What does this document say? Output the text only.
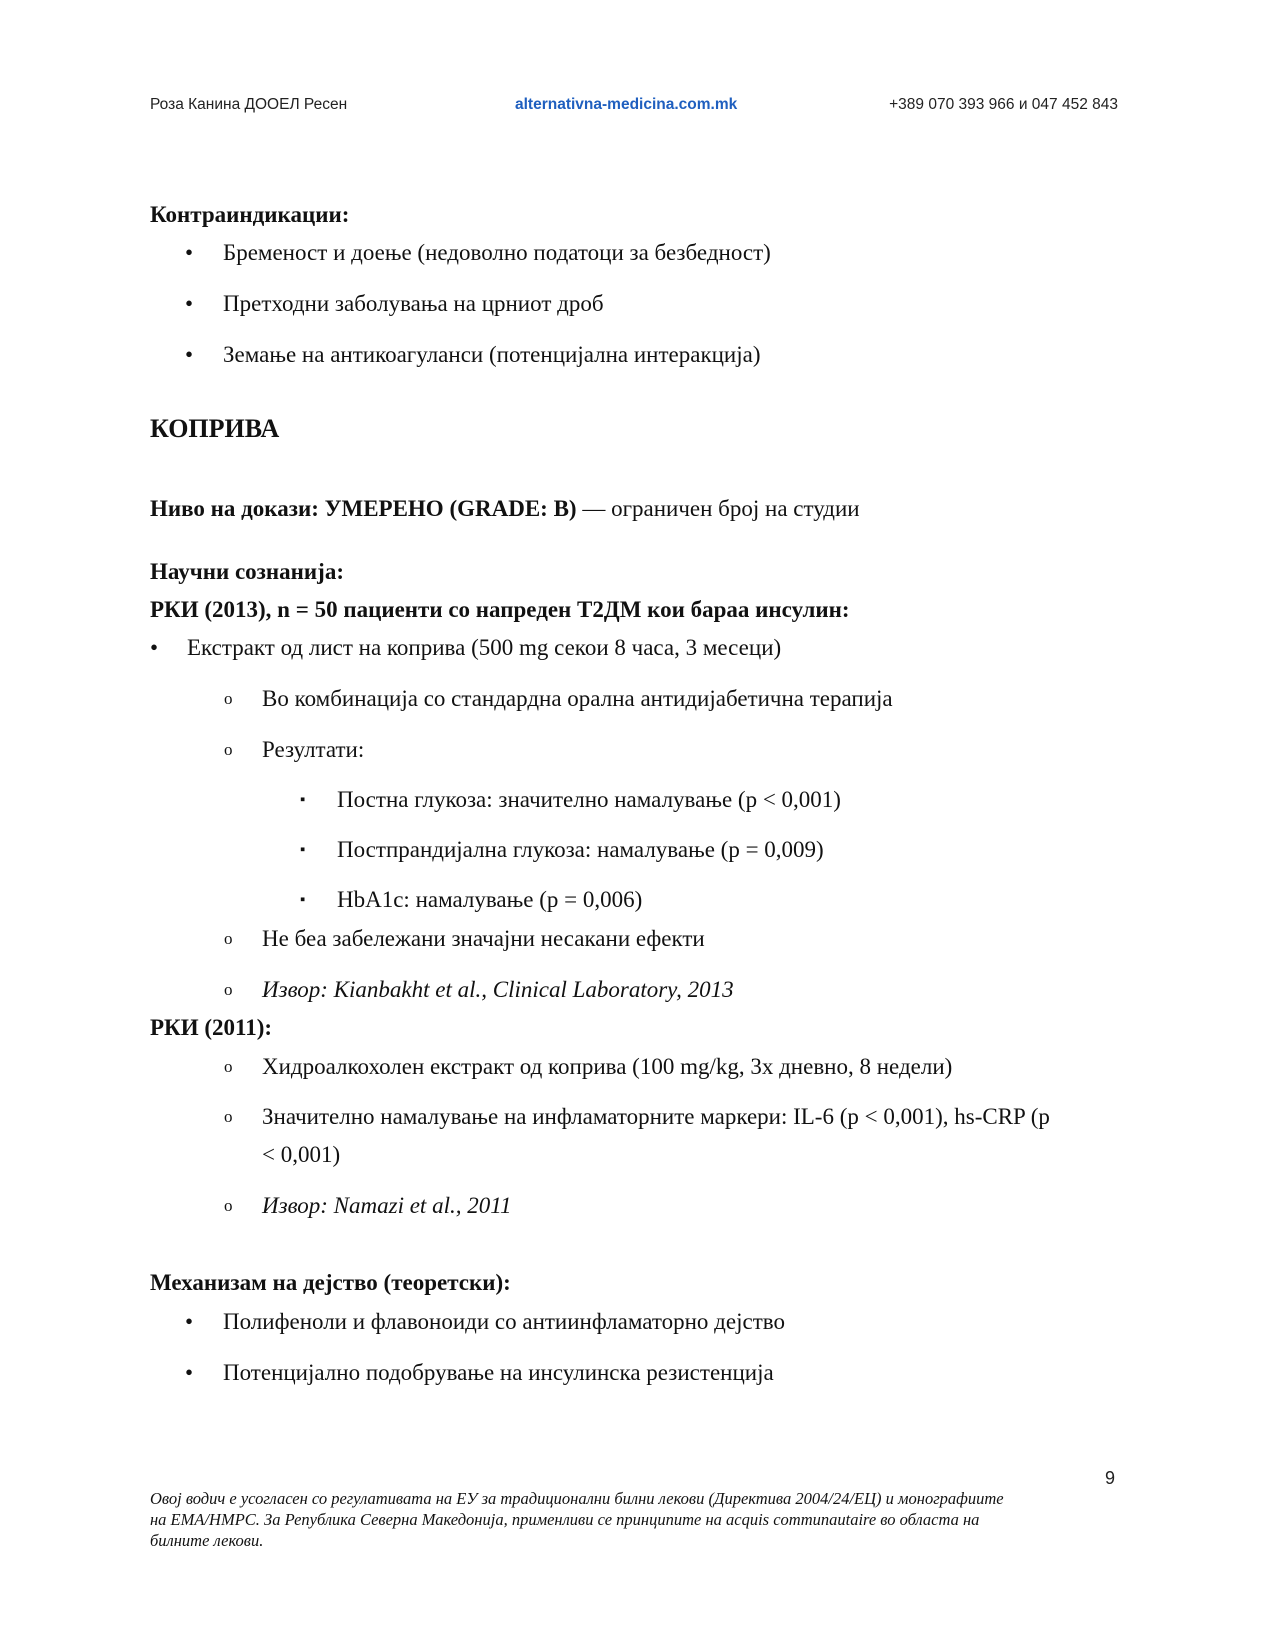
Роза Канина ДООЕЛ Ресен	alternativna-medicina.com.mk	+389 070 393 966 и 047 452 843
Контраиндикации:
• Бременост и доење (недоволно податоци за безбедност)
• Претходни заболувања на црниот дроб
• Земање на антикоагуланси (потенцијална интеракција)
КОПРИВА
Ниво на докази: УМЕРЕНО (GRADE: B) — ограничен број на студии
Научни сознанија:
РКИ (2013), n = 50 пациенти со напреден Т2ДМ кои бараа инсулин:
• Екстракт од лист на коприва (500 mg секои 8 часа, 3 месеци)
o Во комбинација со стандардна орална антидијабетична терапија
o Резултати:
▪ Постна глукоза: значително намалување (p < 0,001)
▪ Постпрандијална глукоза: намалување (p = 0,009)
▪ HbA1c: намалување (p = 0,006)
o Не беа забележани значајни несакани ефекти
o Извор: Kianbakht et al., Clinical Laboratory, 2013
РКИ (2011):
o Хидроалкохолен екстракт од коприва (100 mg/kg, 3x дневно, 8 недели)
o Значително намалување на инфламаторните маркери: IL-6 (p < 0,001), hs-CRP (p
< 0,001)
o Извор: Namazi et al., 2011
Механизам на дејство (теоретски):
• Полифеноли и флавоноиди со антиинфламаторно дејство
• Потенцијално подобрување на инсулинска резистенција
9
Овој водич е усогласен со регулативата на ЕУ за традиционални билни лекови (Директива 2004/24/ЕЦ) и монографиите
на EMA/HMPC. За Република Северна Македонија, применливи се принципите на acquis communautaire во областа на
билните лекови.
